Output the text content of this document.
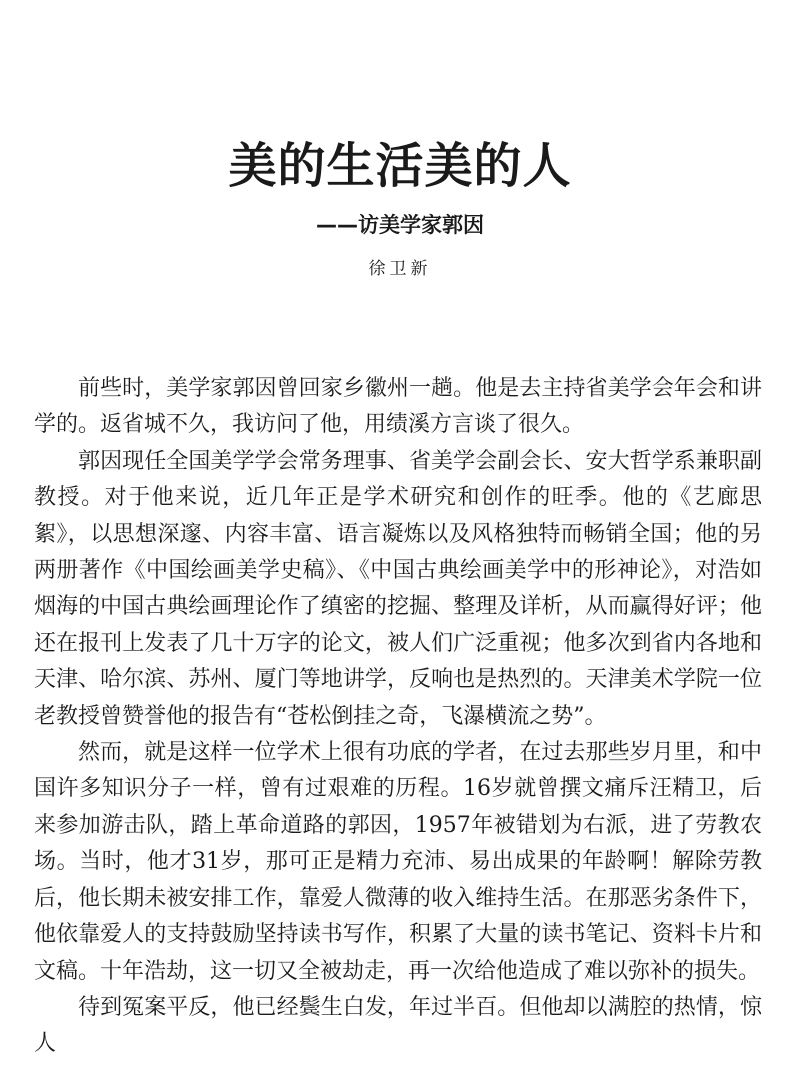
美的生活美的人
——访美学家郭因
徐卫新

前些时，美学家郭因曾回家乡徽州一趟。他是去主持省美学会年会和讲学的。返省城不久，我访问了他，用绩溪方言谈了很久。

郭因现任全国美学学会常务理事、省美学会副会长、安大哲学系兼职副教授。对于他来说，近几年正是学术研究和创作的旺季。他的《艺廊思絮》，以思想深邃、内容丰富、语言凝炼以及风格独特而畅销全国；他的另两册著作《中国绘画美学史稿》、《中国古典绘画美学中的形神论》，对浩如烟海的中国古典绘画理论作了缜密的挖掘、整理及详析，从而赢得好评；他还在报刊上发表了几十万字的论文，被人们广泛重视；他多次到省内各地和天津、哈尔滨、苏州、厦门等地讲学，反响也是热烈的。天津美术学院一位老教授曾赞誉他的报告有“苍松倒挂之奇，飞瀑横流之势”。

然而，就是这样一位学术上很有功底的学者，在过去那些岁月里，和中国许多知识分子一样，曾有过艰难的历程。16岁就曾撰文痛斥汪精卫，后来参加游击队，踏上革命道路的郭因，1957年被错划为右派，进了劳教农场。当时，他才31岁，那可正是精力充沛、易出成果的年龄啊！解除劳教后，他长期未被安排工作，靠爱人微薄的收入维持生活。在那恶劣条件下，他依靠爱人的支持鼓励坚持读书写作，积累了大量的读书笔记、资料卡片和文稿。十年浩劫，这一切又全被劫走，再一次给他造成了难以弥补的损失。

待到冤案平反，他已经鬓生白发，年过半百。但他却以满腔的热情，惊人
